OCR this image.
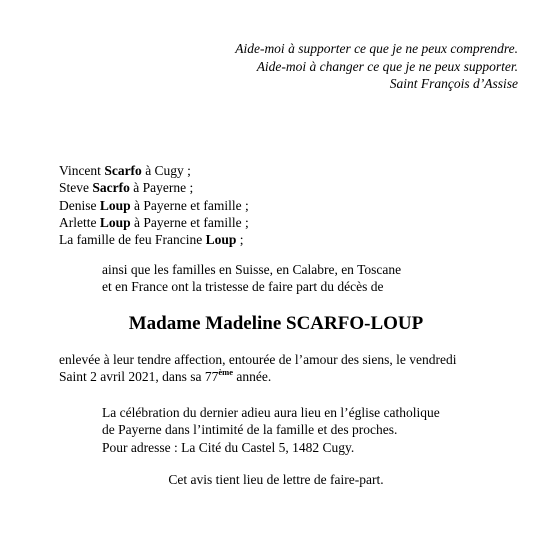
Aide-moi à supporter ce que je ne peux comprendre.
Aide-moi à changer ce que je ne peux supporter.
Saint François d’Assise
Vincent Scarfo à Cugy ;
Steve Sacrfo à Payerne ;
Denise Loup à Payerne et famille ;
Arlette Loup à Payerne et famille ;
La famille de feu Francine Loup ;
ainsi que les familles en Suisse, en Calabre, en Toscane
et en France ont la tristesse de faire part du décès de
Madame Madeline SCARFO-LOUP
enlevée à leur tendre affection, entourée de l’amour des siens, le vendredi
Saint 2 avril 2021, dans sa 77ème année.
La célébration du dernier adieu aura lieu en l’église catholique
de Payerne dans l’intimité de la famille et des proches.
Pour adresse : La Cité du Castel 5, 1482 Cugy.
Cet avis tient lieu de lettre de faire-part.
